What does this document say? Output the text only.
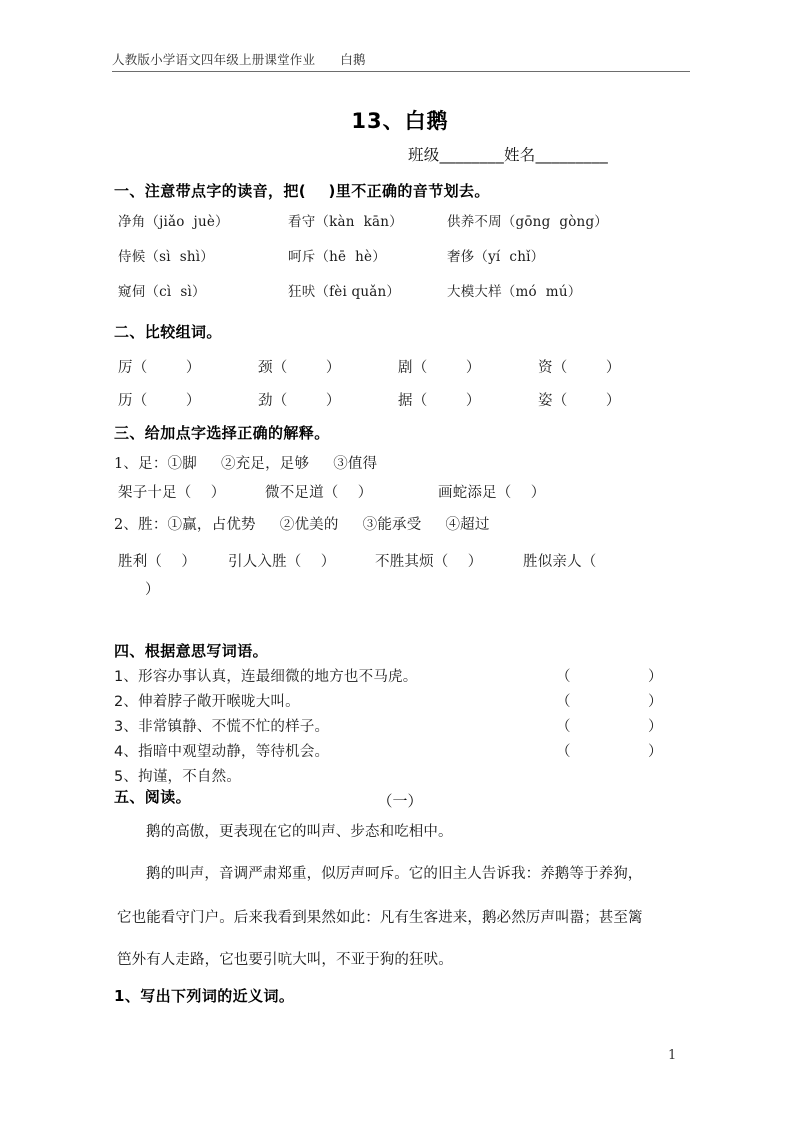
人教版小学语文四年级上册课堂作业      白鹅
13、白鹅
班级________姓名_________
一、注意带点字的读音，把(    )里不正确的音节划去。
净角（jiǎo  juè）	看守（kàn  kān）	供养不周（gōng  gòng）
侍候（sì  shì）	呵斥（hē  hè）	奢侈（yí  chǐ）
窥伺（cì  sì）	狂吠（fèi quǎn）	大模大样（mó  mú）
二、比较组词。
厉（        ）	颈（        ）	剧（        ）	资（        ）
历（        ）	劲（        ）	据（        ）	姿（        ）
三、给加点字选择正确的解释。
1、足：①脚     ②充足，足够     ③值得
架子十足（    ）	微不足道（    ）	画蛇添足（    ）
2、胜：①赢，占优势     ②优美的     ③能承受     ④超过
胜利（    ） 引人入胜（    ）	不胜其烦（    ）	胜似亲人（
）
四、根据意思写词语。
1、形容办事认真，连最细微的地方也不马虎。	（	）
2、伸着脖子敞开喉咙大叫。	（	）
3、非常镇静、不慌不忙的样子。	（	）
4、指暗中观望动静，等待机会。	（	）
5、拘谨，不自然。
五、阅读。	（一）
鹅的高傲，更表现在它的叫声、步态和吃相中。
鹅的叫声，音调严肃郑重，似厉声呵斥。它的旧主人告诉我：养鹅等于养狗，
它也能看守门户。后来我看到果然如此：凡有生客进来，鹅必然厉声叫嚣；甚至篱
笆外有人走路，它也要引吭大叫，不亚于狗的狂吠。
1、写出下列词的近义词。
1
